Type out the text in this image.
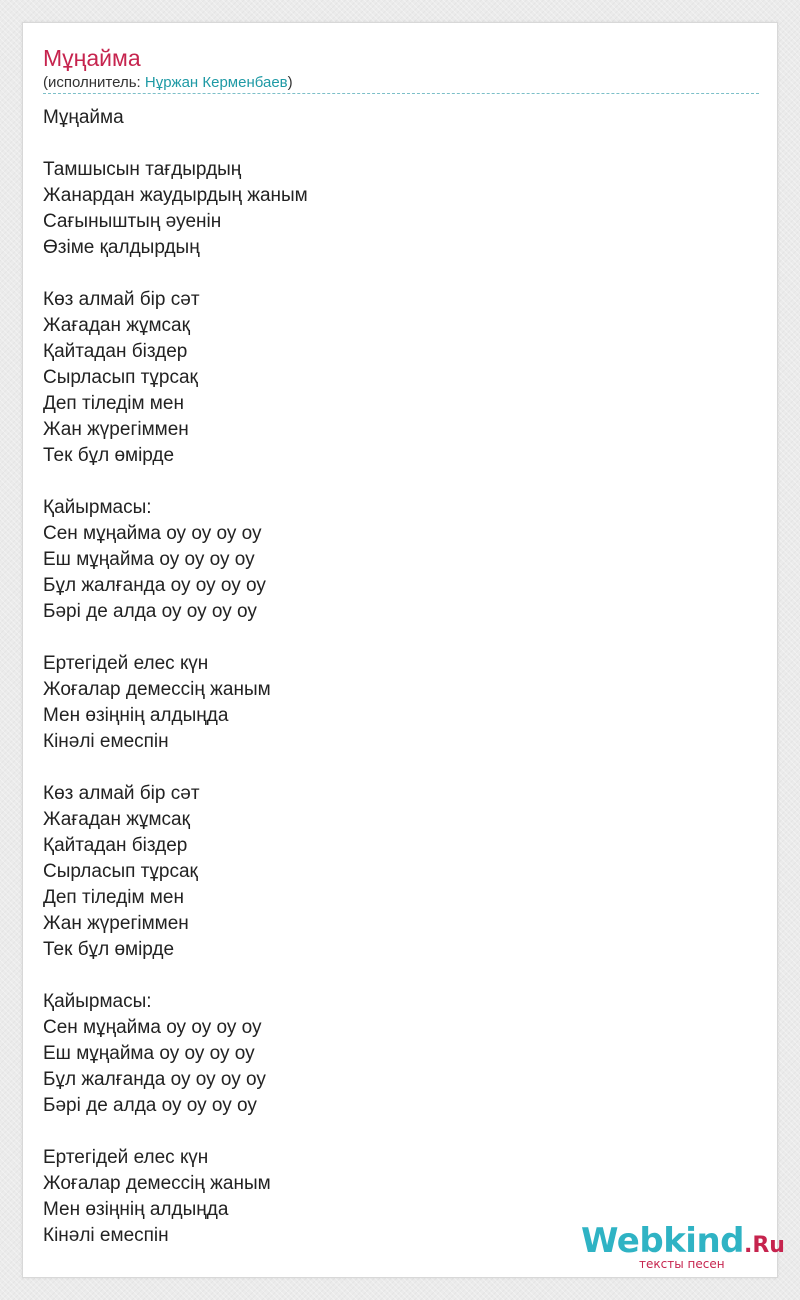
Мұңайма
(исполнитель: Нұржан Керменбаев)
Мұңайма
Тамшысын тағдырдың
Жанардан жаудырдың жаным
Сағыныштың әуенін
Өзіме қалдырдың
Көз алмай бір сәт
Жағадан жұмсақ
Қайтадан біздер
Сырласып тұрсақ
Деп тіледім мен
Жан жүрегіммен
Тек бұл өмірде
Қайырмасы:
Сен мұңайма оу оу оу оу
Еш мұңайма оу оу оу оу
Бұл жалғанда оу оу оу оу
Бәрі де алда оу оу оу оу
Ертегідей елес күн
Жоғалар демессің жаным
Мен өзіңнің алдыңда
Кінәлі емеспін
Көз алмай бір сәт
Жағадан жұмсақ
Қайтадан біздер
Сырласып тұрсақ
Деп тіледім мен
Жан жүрегіммен
Тек бұл өмірде
Қайырмасы:
Сен мұңайма оу оу оу оу
Еш мұңайма оу оу оу оу
Бұл жалғанда оу оу оу оу
Бәрі де алда оу оу оу оу
Ертегідей елес күн
Жоғалар демессің жаным
Мен өзіңнің алдыңда
Кінәлі емеспін	Webkind.Ru
тексты песен
